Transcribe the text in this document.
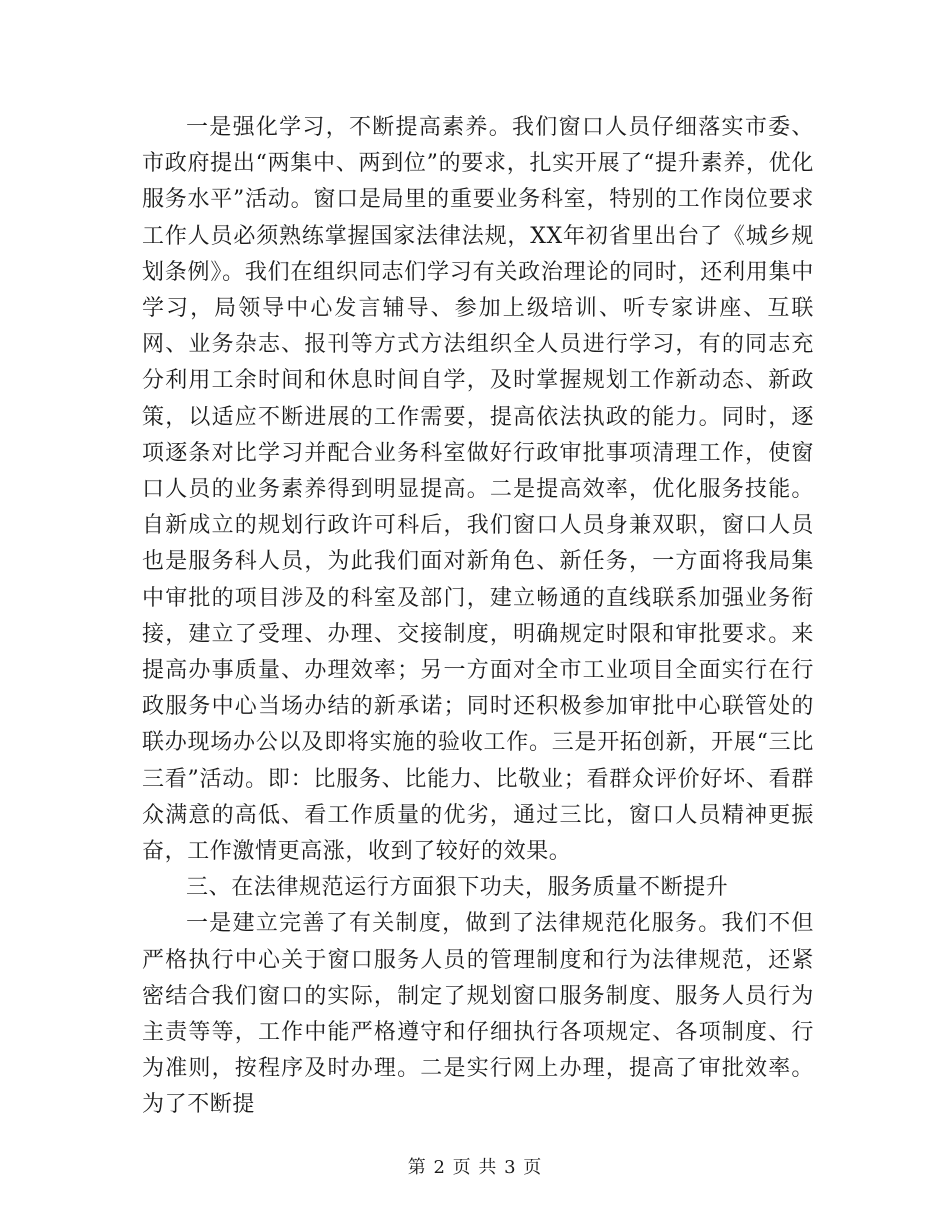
一是强化学习，不断提高素养。我们窗口人员仔细落实市委、市政府提出“两集中、两到位”的要求，扎实开展了“提升素养，优化服务水平”活动。窗口是局里的重要业务科室，特别的工作岗位要求工作人员必须熟练掌握国家法律法规，XX年初省里出台了《城乡规划条例》。我们在组织同志们学习有关政治理论的同时，还利用集中学习，局领导中心发言辅导、参加上级培训、听专家讲座、互联网、业务杂志、报刊等方式方法组织全人员进行学习，有的同志充分利用工余时间和休息时间自学，及时掌握规划工作新动态、新政策，以适应不断进展的工作需要，提高依法执政的能力。同时，逐项逐条对比学习并配合业务科室做好行政审批事项清理工作，使窗口人员的业务素养得到明显提高。二是提高效率，优化服务技能。自新成立的规划行政许可科后，我们窗口人员身兼双职，窗口人员也是服务科人员，为此我们面对新角色、新任务，一方面将我局集中审批的项目涉及的科室及部门，建立畅通的直线联系加强业务衔接，建立了受理、办理、交接制度，明确规定时限和审批要求。来提高办事质量、办理效率；另一方面对全市工业项目全面实行在行政服务中心当场办结的新承诺；同时还积极参加审批中心联管处的联办现场办公以及即将实施的验收工作。三是开拓创新，开展“三比三看”活动。即：比服务、比能力、比敬业；看群众评价好坏、看群众满意的高低、看工作质量的优劣，通过三比，窗口人员精神更振奋，工作激情更高涨，收到了较好的效果。

三、在法律规范运行方面狠下功夫，服务质量不断提升

一是建立完善了有关制度，做到了法律规范化服务。我们不但严格执行中心关于窗口服务人员的管理制度和行为法律规范，还紧密结合我们窗口的实际，制定了规划窗口服务制度、服务人员行为主责等等，工作中能严格遵守和仔细执行各项规定、各项制度、行为准则，按程序及时办理。二是实行网上办理，提高了审批效率。为了不断提

第 2 页 共 3 页
